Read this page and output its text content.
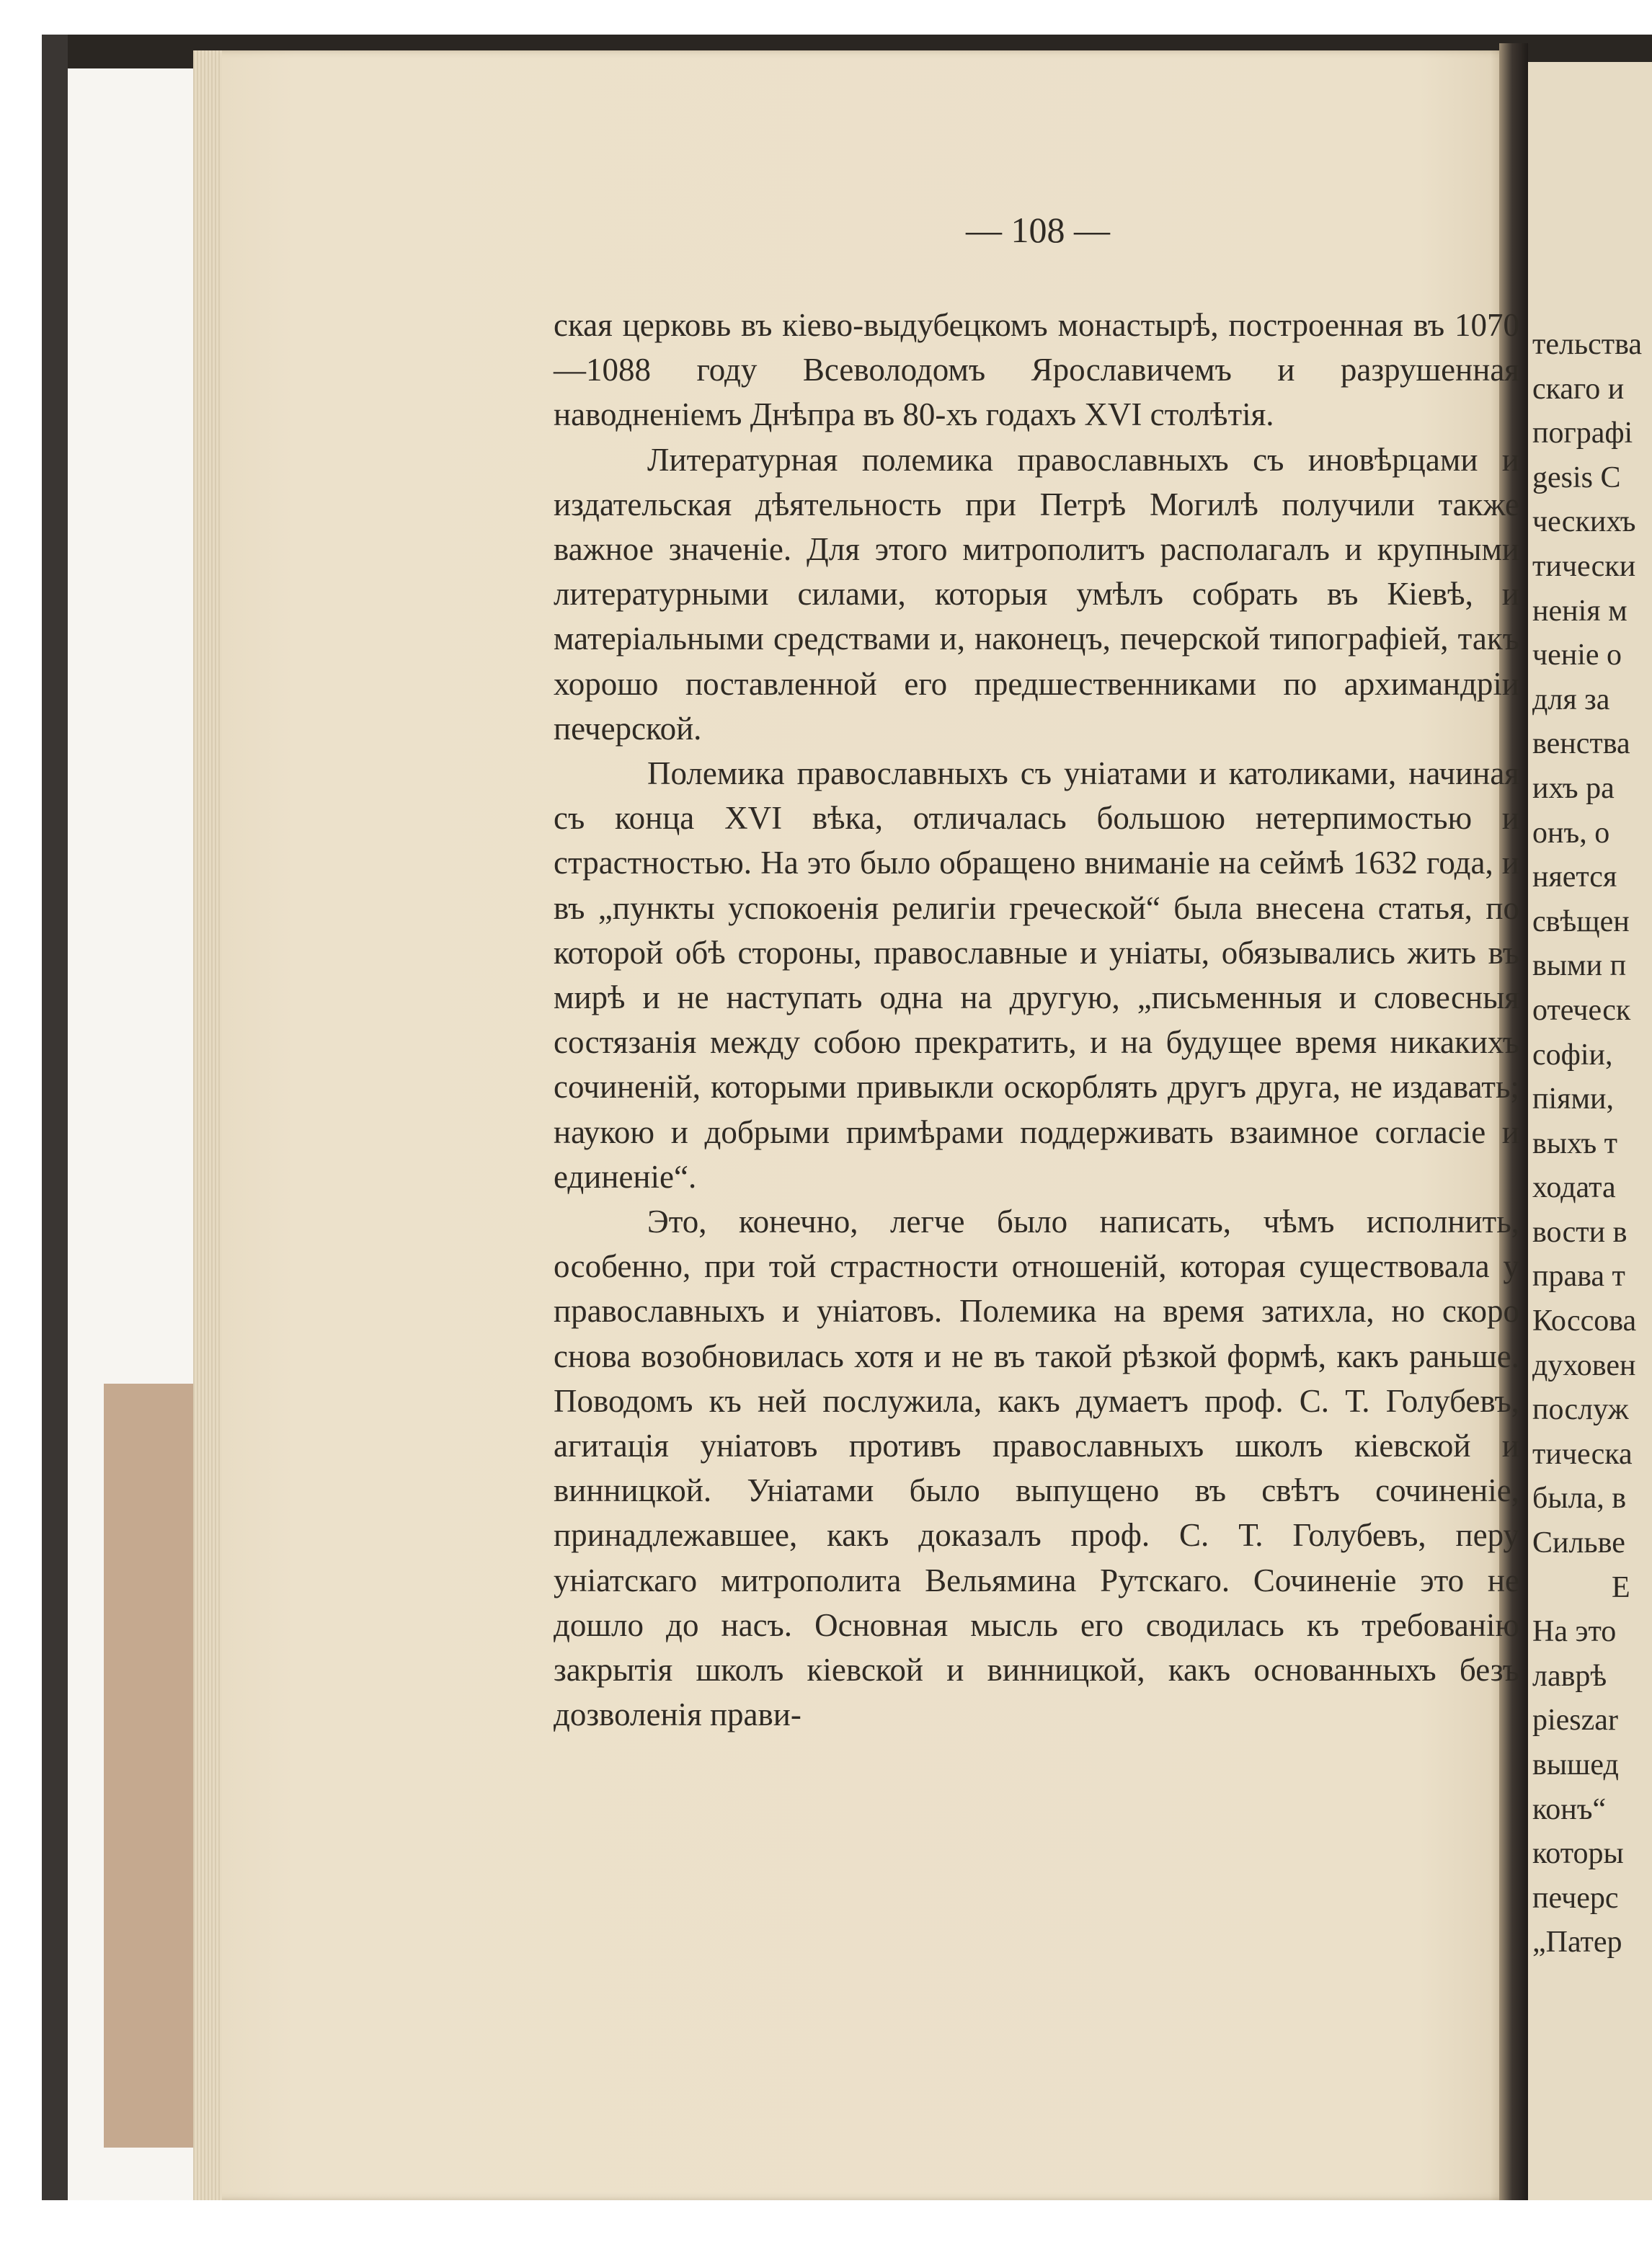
— 108 —

ская церковь въ кіево-выдубецкомъ монастырѣ, построенная въ 1070—1088 году Всеволодомъ Ярославичемъ и разрушенная наводненіемъ Днѣпра въ 80-хъ годахъ XVI столѣтія.

Литературная полемика православныхъ съ иновѣрцами и издательская дѣятельность при Петрѣ Могилѣ получили также важное значеніе. Для этого митрополитъ располагалъ и крупными литературными силами, которыя умѣлъ собрать въ Кіевѣ, и матеріальными средствами и, наконецъ, печерской типографіей, такъ хорошо поставленной его предшественниками по архимандріи печерской.

Полемика православныхъ съ уніатами и католиками, начиная съ конца XVI вѣка, отличалась большою нетерпимостью и страстностью. На это было обращено вниманіе на сеймѣ 1632 года, и въ „пункты успокоенія религіи греческой“ была внесена статья, по которой обѣ стороны, православные и уніаты, обязывались жить въ мирѣ и не наступать одна на другую, „письменныя и словесныя состязанія между собою прекратить, и на будущее время никакихъ сочиненій, которыми привыкли оскорблять другъ друга, не издавать; наукою и добрыми примѣрами поддерживать взаимное согласіе и единеніе“.

Это, конечно, легче было написать, чѣмъ исполнить, особенно, при той страстности отношеній, которая существовала у православныхъ и уніатовъ. Полемика на время затихла, но скоро снова возобновилась хотя и не въ такой рѣзкой формѣ, какъ раньше. Поводомъ къ ней послужила, какъ думаетъ проф. С. Т. Голубевъ, агитація уніатовъ противъ православныхъ школъ кіевской и винницкой. Уніатами было выпущено въ свѣтъ сочиненіе, принадлежавшее, какъ доказалъ проф. С. Т. Голубевъ, перу уніатскаго митрополита Вельямина Рутскаго. Сочиненіе это не дошло до насъ. Основная мысль его сводилась къ требованію закрытія школъ кіевской и винницкой, какъ основанныхъ безъ дозволенія прави-

тельства
скаго и
пографі
gesis C
ческихъ
тически
ненія м
ченіе о
для за
венства
ихъ ра
онъ, о
няется
свѣщен
выми п
отеческ
софіи,
піями,
выхъ т
ходата
вости в
права т
Коссова
духовен
послуж
тическа
была, в
Сильве
Е
На это
лаврѣ
pieszar
вышед
конъ“
которы
печерс
„Патер
